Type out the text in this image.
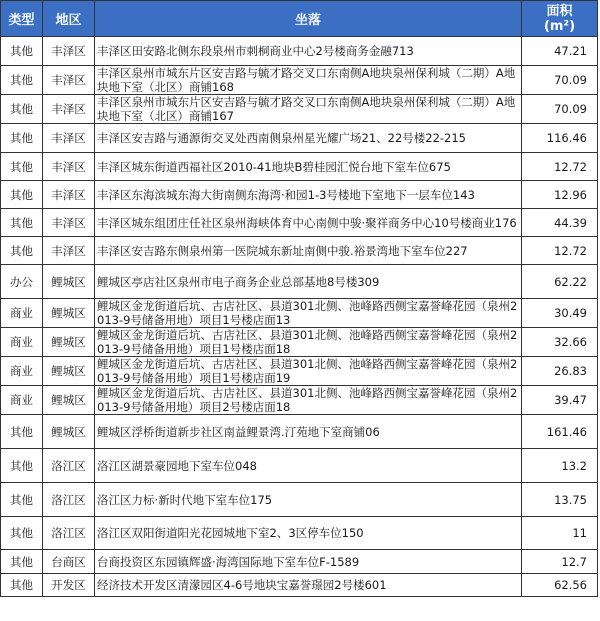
类型	地区	坐落	面积
(m²)

其他	丰泽区	丰泽区田安路北侧东段泉州市刺桐商业中心2号楼商务金融713	47.21
其他	丰泽区	丰泽区泉州市城东片区安吉路与毓才路交叉口东南侧A地块泉州保利城（二期）A地块地下室（北区）商铺168	70.09
其他	丰泽区	丰泽区泉州市城东片区安吉路与毓才路交叉口东南侧A地块泉州保利城（二期）A地块地下室（北区）商铺167	70.09
其他	丰泽区	丰泽区安吉路与通源街交叉处西南侧泉州星光耀广场21、22号楼22-215	116.46
其他	丰泽区	丰泽区城东街道西福社区2010-41地块B碧桂园汇悦台地下室车位675	12.72
其他	丰泽区	丰泽区东海滨城东海大街南侧东海湾·和园1-3号楼地下室地下一层车位143	12.96
其他	丰泽区	丰泽区城东组团庄任社区泉州海峡体育中心南侧中骏·聚祥商务中心10号楼商业176	44.39
其他	丰泽区	丰泽区安吉路东侧泉州第一医院城东新址南侧中骏.裕景湾地下室车位227	12.72
办公	鲤城区	鲤城区亭店社区泉州市电子商务企业总部基地8号楼309	62.22
商业	鲤城区	鲤城区金龙街道后坑、古店社区、县道301北侧、池峰路西侧宝嘉誉峰花园（泉州2013-9号储备用地）项目1号楼店面13	30.49
商业	鲤城区	鲤城区金龙街道后坑、古店社区、县道301北侧、池峰路西侧宝嘉誉峰花园（泉州2013-9号储备用地）项目1号楼店面18	32.66
商业	鲤城区	鲤城区金龙街道后坑、古店社区、县道301北侧、池峰路西侧宝嘉誉峰花园（泉州2013-9号储备用地）项目1号楼店面19	26.83
商业	鲤城区	鲤城区金龙街道后坑、古店社区、县道301北侧、池峰路西侧宝嘉誉峰花园（泉州2013-9号储备用地）项目2号楼店面18	39.47
其他	鲤城区	鲤城区浮桥街道新步社区南益鲤景湾.汀苑地下室商铺06	161.46
其他	洛江区	洛江区湖景豪园地下室车位048	13.2
其他	洛江区	洛江区力标·新时代地下室车位175	13.75
其他	洛江区	洛江区双阳街道阳光花园城地下室2、3区停车位150	11
其他	台商区	台商投资区东园镇辉盛·海湾国际地下室车位F-1589	12.7
其他	开发区	经济技术开发区清濛园区4-6号地块宝嘉誉璟园2号楼601	62.56
